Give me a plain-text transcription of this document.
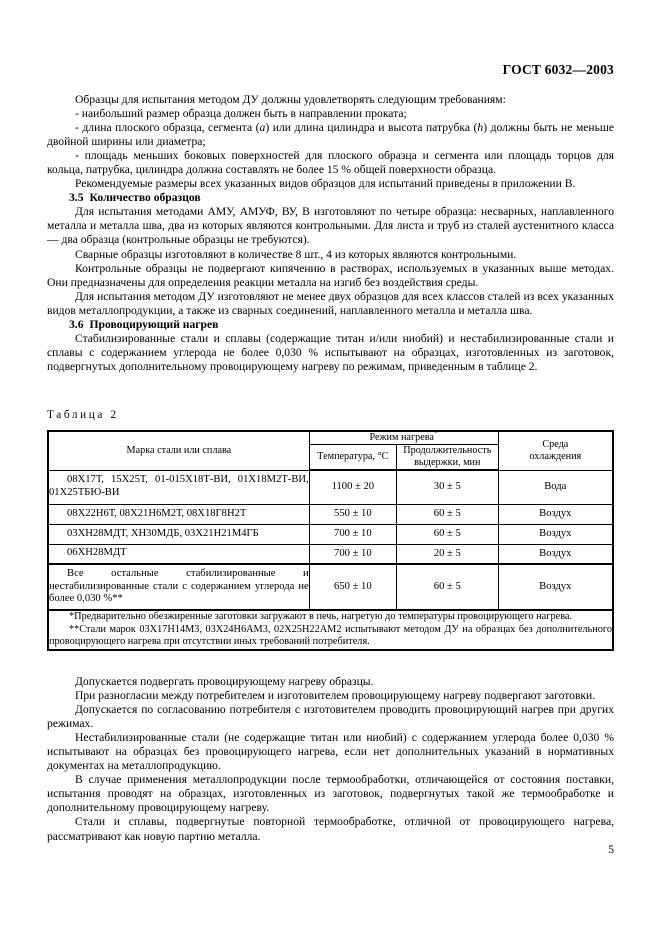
ГОСТ 6032—2003

Образцы для испытания методом ДУ должны удовлетворять следующим требованиям:

- наибольший размер образца должен быть в направлении проката;

- длина плоского образца, сегмента (a) или длина цилиндра и высота патрубка (h) должны быть не меньше двойной ширины или диаметра;

- площадь меньших боковых поверхностей для плоского образца и сегмента или площадь торцов для кольца, патрубка, цилиндра должна составлять не более 15 % общей поверхности образца.

Рекомендуемые размеры всех указанных видов образцов для испытаний приведены в приложении В.

3.5 Количество образцов

Для испытания методами АМУ, АМУФ, ВУ, В изготовляют по четыре образца: несварных, наплавленного металла и металла шва, два из которых являются контрольными. Для листа и труб из сталей аустенитного класса — два образца (контрольные образцы не требуются).

Сварные образцы изготовляют в количестве 8 шт., 4 из которых являются контрольными.

Контрольные образцы не подвергают кипячению в растворах, используемых в указанных выше методах. Они предназначены для определения реакции металла на изгиб без воздействия среды.

Для испытания методом ДУ изготовляют не менее двух образцов для всех классов сталей из всех указанных видов металлопродукции, а также из сварных соединений, наплавленного металла и металла шва.

3.6 Провоцирующий нагрев

Стабилизированные стали и сплавы (содержащие титан и/или ниобий) и нестабилизированные стали и сплавы с содержанием углерода не более 0,030 % испытывают на образцах, изготовленных из заготовок, подвергнутых дополнительному провоцирующему нагреву по режимам, приведенным в таблице 2.

Таблица 2
Марка стали или сплава	Режим нагрева*		Среда
охлаждения

	Температура, °С	Продолжительность
выдержки, мин	

08Х17Т, 15Х25Т, 01-015Х18Т-ВИ, 01Х18М2Т-ВИ, 01Х25ТБЮ-ВИ	1100 ± 20	30 ± 5	Вода
08Х22Н6Т, 08Х21Н6М2Т, 08Х18Г8Н2Т	550 ± 10	60 ± 5	Воздух
03ХН28МДТ, ХН30МДБ, 03Х21Н21М4ГБ	700 ± 10	60 ± 5	Воздух
06ХН28МДТ	700 ± 10	20 ± 5	Воздух
Все остальные стабилизированные и нестабилизированные стали с содержанием углерода не более 0,030 %**	650 ± 10	60 ± 5	Воздух

*Предварительно обезжиренные заготовки загружают в печь, нагретую до температуры провоцирующего нагрева.

**Стали марок 03Х17Н14М3, 03Х24Н6АМ3, 02Х25Н22АМ2 испытывают методом ДУ на образцах без дополнительного провоцирующего нагрева при отсутствии иных требований потребителя.			

Допускается подвергать провоцирующему нагреву образцы.

При разногласии между потребителем и изготовителем провоцирующему нагреву подвергают заготовки.

Допускается по согласованию потребителя с изготовителем проводить провоцирующий нагрев при других режимах.

Нестабилизированные стали (не содержащие титан или ниобий) с содержанием углерода более 0,030 % испытывают на образцах без провоцирующего нагрева, если нет дополнительных указаний в нормативных документах на металлопродукцию.

В случае применения металлопродукции после термообработки, отличающейся от состояния поставки, испытания проводят на образцах, изготовленных из заготовок, подвергнутых такой же термообработке и дополнительному провоцирующему нагреву.

Стали и сплавы, подвергнутые повторной термообработке, отличной от провоцирующего нагрева, рассматривают как новую партию металла.

5
